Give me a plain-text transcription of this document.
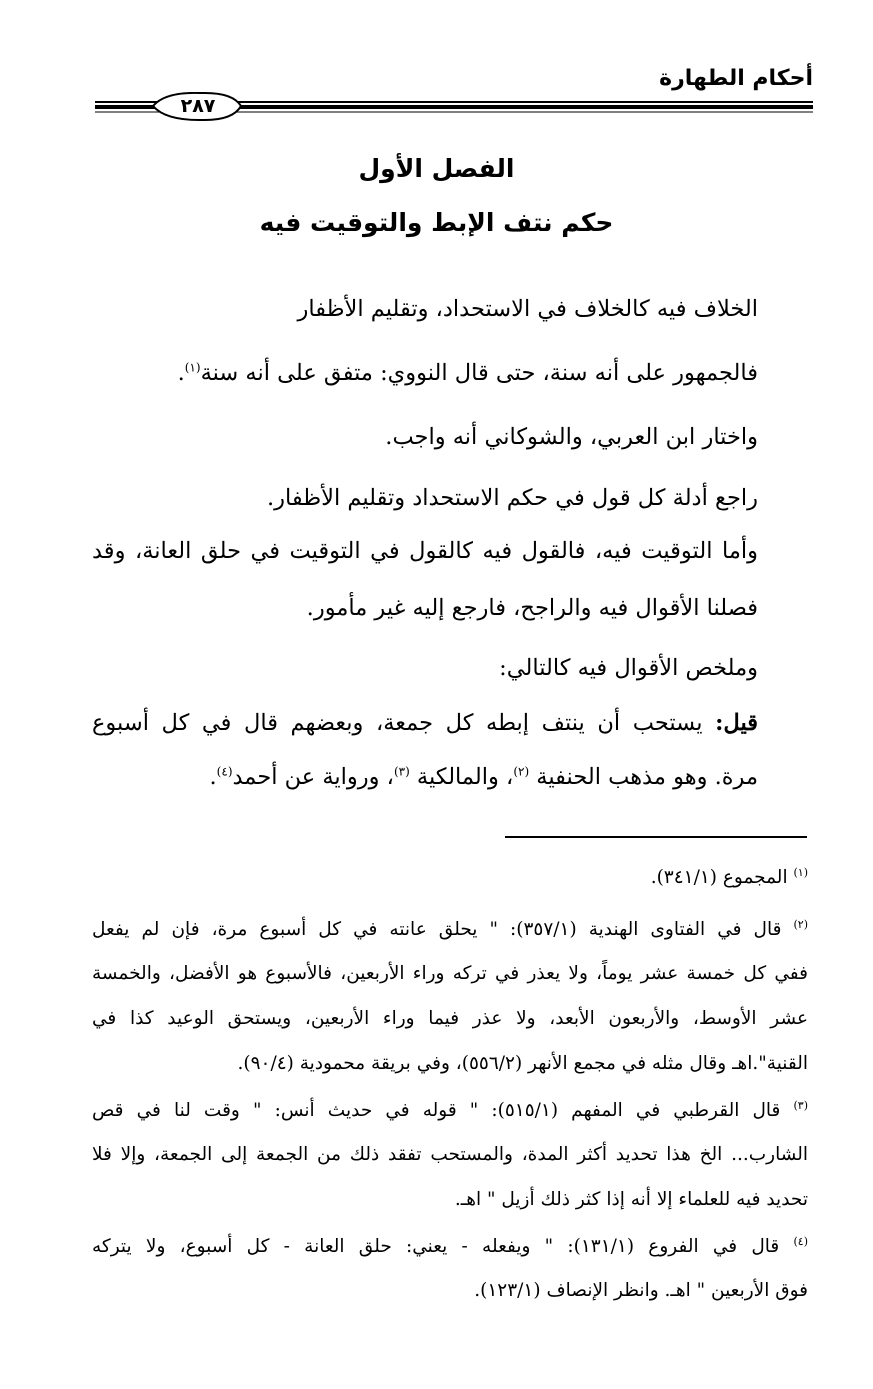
أحكام الطهارة
٢٨٧
الفصل الأول
حكم نتف الإبط والتوقيت فيه
الخلاف فيه كالخلاف في الاستحداد، وتقليم الأظفار
فالجمهور على أنه سنة، حتى قال النووي: متفق على أنه سنة$^{(١)}$.
واختار ابن العربي، والشوكاني أنه واجب.
راجع أدلة كل قول في حكم الاستحداد وتقليم الأظفار.
وأما التوقيت فيه، فالقول فيه كالقول في التوقيت في حلق العانة، وقد
فصلنا الأقوال فيه والراجح، فارجع إليه غير مأمور.
وملخص الأقوال فيه كالتالي:
قيل: يستحب أن ينتف إبطه كل جمعة، وبعضهم قال في كل أسبوع
مرة. وهو مذهب الحنفية $^{(٢)}$، والمالكية $^{(٣)}$، ورواية عن أحمد$^{(٤)}$.
$^{(١)}$ المجموع (٣٤١/١).
$^{(٢)}$ قال في الفتاوى الهندية (٣٥٧/١): " يحلق عانته في كل أسبوع مرة، فإن لم يفعل
ففي كل خمسة عشر يوماً، ولا يعذر في تركه وراء الأربعين، فالأسبوع هو الأفضل، والخمسة
عشر الأوسط، والأربعون الأبعد، ولا عذر فيما وراء الأربعين، ويستحق الوعيد كذا في
القنية".اهـ وقال مثله في مجمع الأنهر (٥٥٦/٢)، وفي بريقة محمودية (٩٠/٤).
$^{(٣)}$ قال القرطبي في المفهم (٥١٥/١): " قوله في حديث أنس: " وقت لنا في قص
الشارب... الخ هذا تحديد أكثر المدة، والمستحب تفقد ذلك من الجمعة إلى الجمعة، وإلا فلا
تحديد فيه للعلماء إلا أنه إذا كثر ذلك أزيل " اهـ.
$^{(٤)}$ قال في الفروع (١٣١/١): " ويفعله - يعني: حلق العانة - كل أسبوع، ولا يتركه
فوق الأربعين " اهـ. وانظر الإنصاف (١٢٣/١).
